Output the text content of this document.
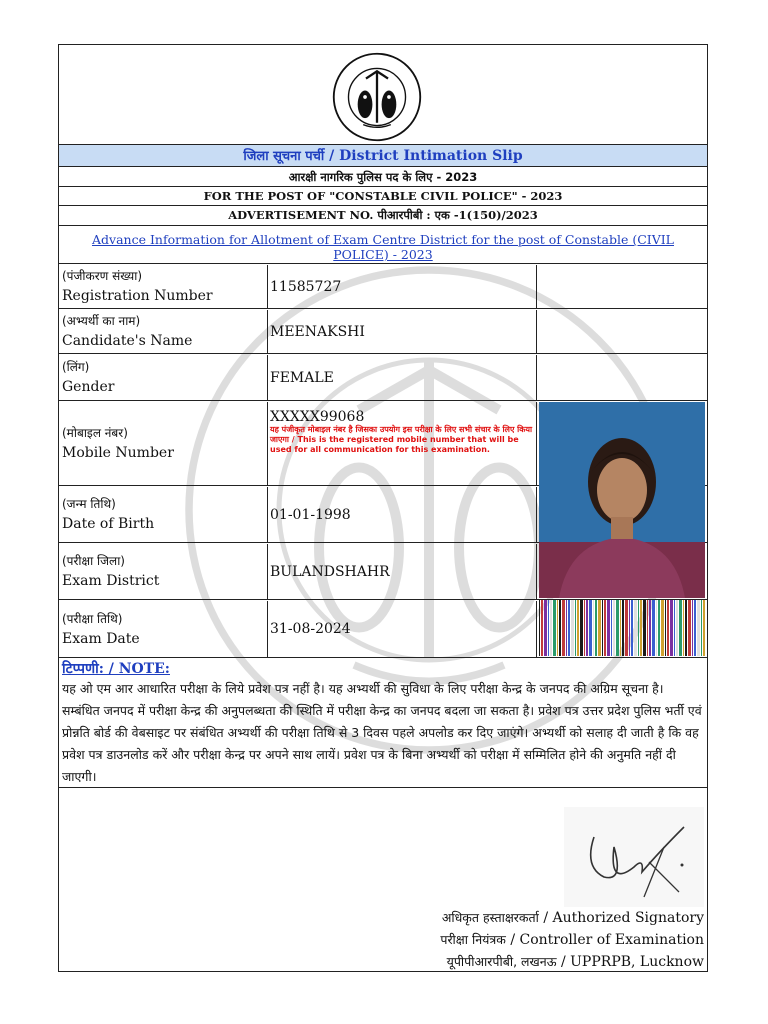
जिला सूचना पर्ची / District Intimation Slip
आरक्षी नागरिक पुलिस पद के लिए - 2023
FOR THE POST OF "CONSTABLE CIVIL POLICE" - 2023
ADVERTISEMENT NO. पीआरपीबी : एक -1(150)/2023
Advance Information for Allotment of Exam Centre District for the post of Constable (CIVIL POLICE) - 2023
(पंजीकरण संख्या)
Registration Number
11585727
(अभ्यर्थी का नाम)
Candidate's Name
MEENAKSHI
(लिंग)
Gender
FEMALE
(मोबाइल नंबर)
Mobile Number
XXXXX99068
यह पंजीकृत मोबाइल नंबर है जिसका उपयोग इस परीक्षा के लिए सभी संचार के लिए किया जाएगा / This is the registered mobile number that will be used for all communication for this examination.
(जन्म तिथि)
Date of Birth
01-01-1998
(परीक्षा जिला)
Exam District
BULANDSHAHR
(परीक्षा तिथि)
Exam Date
31-08-2024
टिप्पणी: / NOTE:
यह ओ एम आर आधारित परीक्षा के लिये प्रवेश पत्र नहीं है। यह अभ्यर्थी की सुविधा के लिए परीक्षा केन्द्र के जनपद की अग्रिम सूचना है। सम्बंधित जनपद में परीक्षा केन्द्र की अनुपलब्धता की स्थिति में परीक्षा केन्द्र का जनपद बदला जा सकता है। प्रवेश पत्र उत्तर प्रदेश पुलिस भर्ती एवं प्रोन्नति बोर्ड की वेबसाइट पर संबंधित अभ्यर्थी की परीक्षा तिथि से 3 दिवस पहले अपलोड कर दिए जाएंगे। अभ्यर्थी को सलाह दी जाती है कि वह प्रवेश पत्र डाउनलोड करें और परीक्षा केन्द्र पर अपने साथ लायें। प्रवेश पत्र के बिना अभ्यर्थी को परीक्षा में सम्मिलित होने की अनुमति नहीं दी जाएगी।
अधिकृत हस्ताक्षरकर्ता / Authorized Signatory
परीक्षा नियंत्रक / Controller of Examination
यूपीपीआरपीबी, लखनऊ / UPPRPB, Lucknow
